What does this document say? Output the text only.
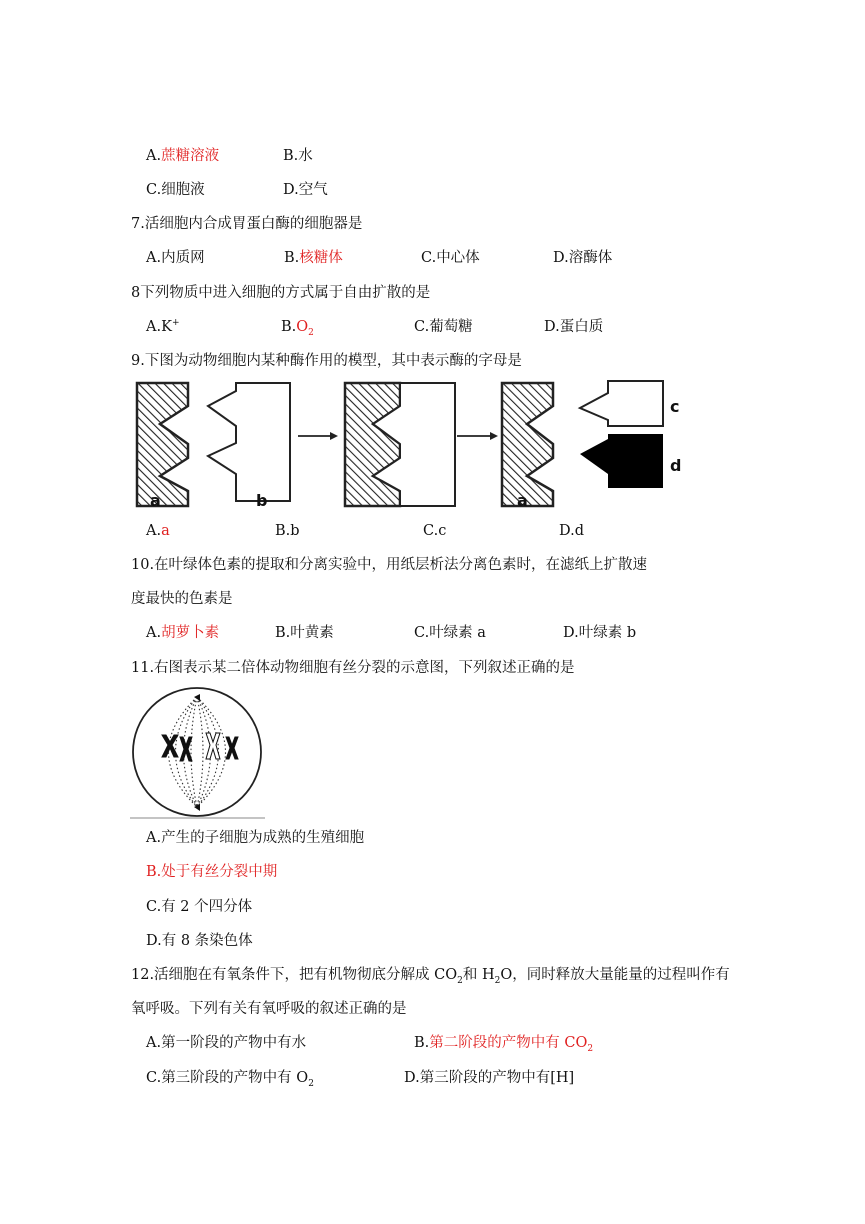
A.蔗糖溶液	B.水
C.细胞液	D.空气
7.活细胞内合成胃蛋白酶的细胞器是
A.内质网	B.核糖体	C.中心体	D.溶酶体
8下列物质中进入细胞的方式属于自由扩散的是
A.K+	$B.O_2$	C.葡萄糖	D.蛋白质
9.下图为动物细胞内某种酶作用的模型，其中表示酶的字母是
a	b	a
c
d
A.a	B.b	C.c	D.d
10.在叶绿体色素的提取和分离实验中，用纸层析法分离色素时，在滤纸上扩散速
度最快的色素是
A.胡萝卜素	B.叶黄素	C.叶绿素 a	D.叶绿素 b
11.右图表示某二倍体动物细胞有丝分裂的示意图，下列叙述正确的是
A.产生的子细胞为成熟的生殖细胞
B.处于有丝分裂中期
C.有 2 个四分体
D.有 8 条染色体
12.活细胞在有氧条件下，把有机物彻底分解成 $CO_2$和 $H_2O$，同时释放大量能量的过程叫作有
氧呼吸。下列有关有氧呼吸的叙述正确的是
A.第一阶段的产物中有水	B.第二阶段的产物中有 $CO_2$
C.第三阶段的产物中有 $O_2$	D.第三阶段的产物中有[H]
